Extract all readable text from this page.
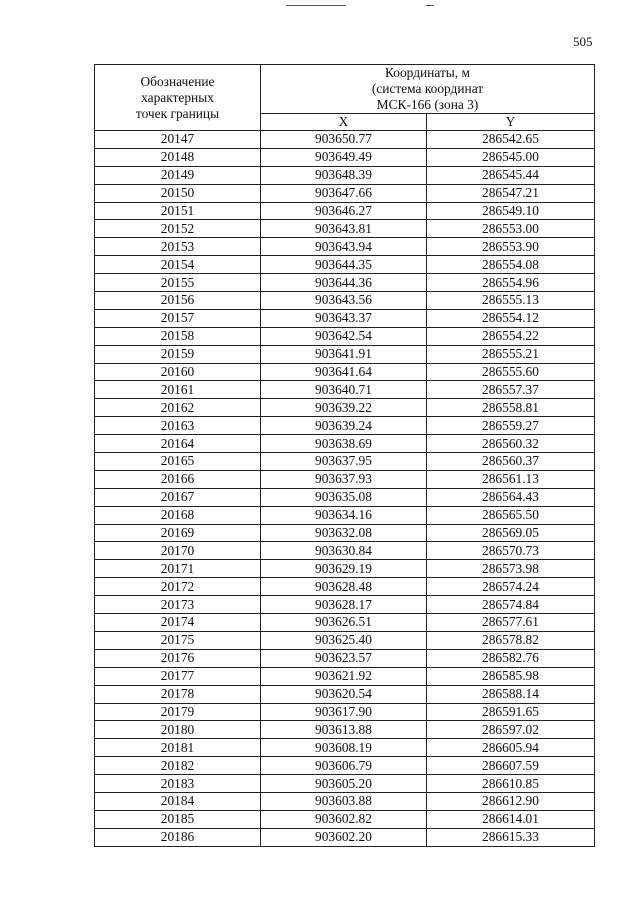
505
Обозначение
характерных
точек границы	Координаты, м
(система координат
МСК-166 (зона 3)	

	X	Y
20147	903650.77	286542.65
20148	903649.49	286545.00
20149	903648.39	286545.44
20150	903647.66	286547.21
20151	903646.27	286549.10
20152	903643.81	286553.00
20153	903643.94	286553.90
20154	903644.35	286554.08
20155	903644.36	286554.96
20156	903643.56	286555.13
20157	903643.37	286554.12
20158	903642.54	286554.22
20159	903641.91	286555.21
20160	903641.64	286555.60
20161	903640.71	286557.37
20162	903639.22	286558.81
20163	903639.24	286559.27
20164	903638.69	286560.32
20165	903637.95	286560.37
20166	903637.93	286561.13
20167	903635.08	286564.43
20168	903634.16	286565.50
20169	903632.08	286569.05
20170	903630.84	286570.73
20171	903629.19	286573.98
20172	903628.48	286574.24
20173	903628.17	286574.84
20174	903626.51	286577.61
20175	903625.40	286578.82
20176	903623.57	286582.76
20177	903621.92	286585.98
20178	903620.54	286588.14
20179	903617.90	286591.65
20180	903613.88	286597.02
20181	903608.19	286605.94
20182	903606.79	286607.59
20183	903605.20	286610.85
20184	903603.88	286612.90
20185	903602.82	286614.01
20186	903602.20	286615.33
